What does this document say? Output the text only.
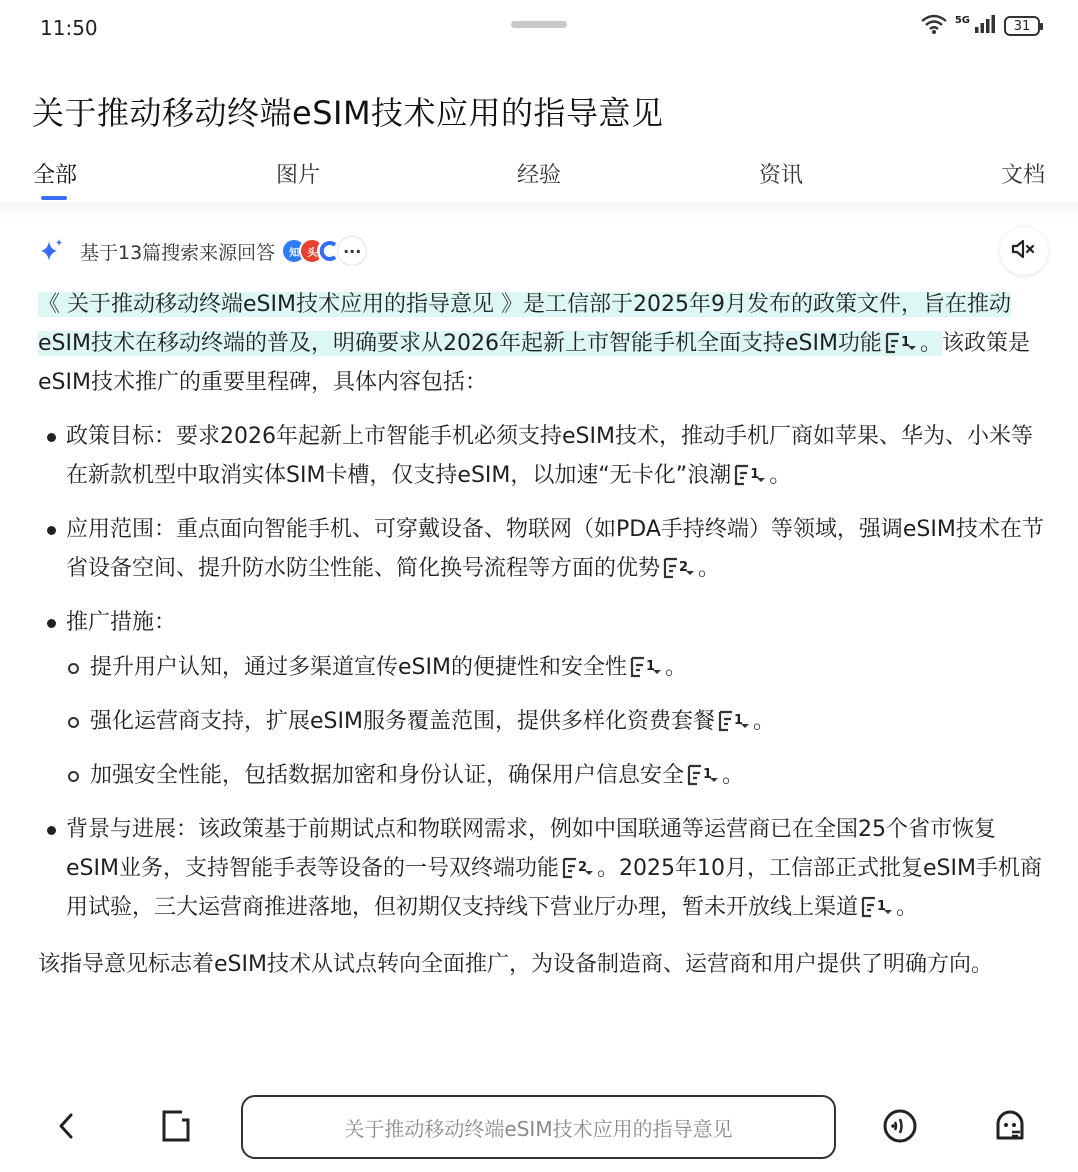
11:50	5G	31
关于推动移动终端eSIM技术应用的指导意见
全部	图片	经验	资讯	文档
基于13篇搜索来源回答	知 头	···

《 关于推动移动终端eSIM技术应用的指导意见 》是工信部于2025年9月发布的政策文件，旨在推动eSIM技术在移动终端的普及，明确要求从2026年起新上市智能手机全面支持eSIM功能 1 。该政策是eSIM技术推广的重要里程碑，具体内容包括：

政策目标：要求2026年起新上市智能手机必须支持eSIM技术，推动手机厂商如苹果、华为、小米等在新款机型中取消实体SIM卡槽，仅支持eSIM，以加速“无卡化”浪潮 1 。
应用范围：重点面向智能手机、可穿戴设备、物联网（如PDA手持终端）等领域，强调eSIM技术在节省设备空间、提升防水防尘性能、简化换号流程等方面的优势 2 。
推广措施：
提升用户认知，通过多渠道宣传eSIM的便捷性和安全性 1 。
强化运营商支持，扩展eSIM服务覆盖范围，提供多样化资费套餐 1 。
加强安全性能，包括数据加密和身份认证，确保用户信息安全 1 。
背景与进展：该政策基于前期试点和物联网需求，例如中国联通等运营商已在全国25个省市恢复eSIM业务，支持智能手表等设备的一号双终端功能 2 。2025年10月，工信部正式批复eSIM手机商用试验，三大运营商推进落地，但初期仅支持线下营业厅办理，暂未开放线上渠道 1 。

该指导意见标志着eSIM技术从试点转向全面推广，为设备制造商、运营商和用户提供了明确方向。

关于推动移动终端eSIM技术应用的指导意见
